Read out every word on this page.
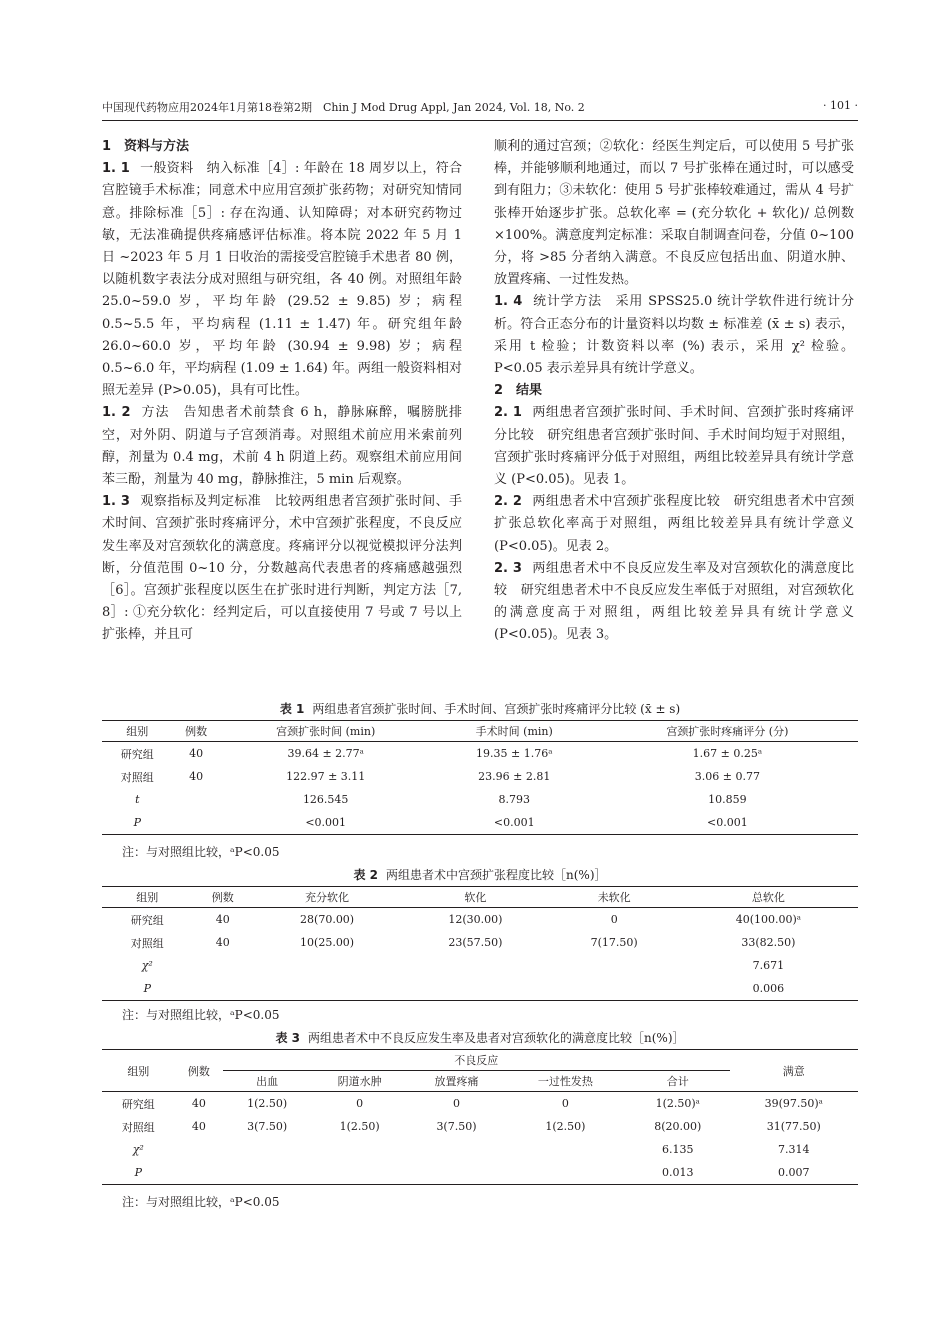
中国现代药物应用2024年1月第18卷第2期　Chin J Mod Drug Appl, Jan 2024, Vol. 18, No. 2	· 101 ·

1　资料与方法

1. 1 一般资料　纳入标准［4］: 年龄在 18 周岁以上，符合宫腔镜手术标准；同意术中应用宫颈扩张药物；对研究知情同意。排除标准［5］: 存在沟通、认知障碍；对本研究药物过敏，无法准确提供疼痛感评估标准。将本院 2022 年 5 月 1 日 ~2023 年 5 月 1 日收治的需接受宫腔镜手术患者 80 例，以随机数字表法分成对照组与研究组，各 40 例。对照组年龄 25.0~59.0 岁，平均年龄 (29.52 ± 9.85) 岁；病程 0.5~5.5 年，平均病程 (1.11 ± 1.47) 年。研究组年龄 26.0~60.0 岁，平均年龄 (30.94 ± 9.98) 岁；病程 0.5~6.0 年，平均病程 (1.09 ± 1.64) 年。两组一般资料相对照无差异 (P>0.05)，具有可比性。

1. 2 方法　告知患者术前禁食 6 h，静脉麻醉，嘱膀胱排空，对外阴、阴道与子宫颈消毒。对照组术前应用米索前列醇，剂量为 0.4 mg，术前 4 h 阴道上药。观察组术前应用间苯三酚，剂量为 40 mg，静脉推注，5 min 后观察。

1. 3 观察指标及判定标准　比较两组患者宫颈扩张时间、手术时间、宫颈扩张时疼痛评分，术中宫颈扩张程度，不良反应发生率及对宫颈软化的满意度。疼痛评分以视觉模拟评分法判断，分值范围 0~10 分，分数越高代表患者的疼痛感越强烈［6］。宫颈扩张程度以医生在扩张时进行判断，判定方法［7, 8］: ①充分软化：经判定后，可以直接使用 7 号或 7 号以上扩张棒，并且可

顺利的通过宫颈；②软化：经医生判定后，可以使用 5 号扩张棒，并能够顺利地通过，而以 7 号扩张棒在通过时，可以感受到有阻力；③未软化：使用 5 号扩张棒较难通过，需从 4 号扩张棒开始逐步扩张。总软化率 = (充分软化 + 软化)/ 总例数 ×100%。满意度判定标准：采取自制调查问卷，分值 0~100 分，将 >85 分者纳入满意。不良反应包括出血、阴道水肿、放置疼痛、一过性发热。

1. 4 统计学方法　采用 SPSS25.0 统计学软件进行统计分析。符合正态分布的计量资料以均数 ± 标准差 (x̄ ± s) 表示，采用 t 检验；计数资料以率 (%) 表示，采用 χ² 检验。P<0.05 表示差异具有统计学意义。

2　结果

2. 1 两组患者宫颈扩张时间、手术时间、宫颈扩张时疼痛评分比较　研究组患者宫颈扩张时间、手术时间均短于对照组，宫颈扩张时疼痛评分低于对照组，两组比较差异具有统计学意义 (P<0.05)。见表 1。

2. 2 两组患者术中宫颈扩张程度比较　研究组患者术中宫颈扩张总软化率高于对照组，两组比较差异具有统计学意义 (P<0.05)。见表 2。

2. 3 两组患者术中不良反应发生率及对宫颈软化的满意度比较　研究组患者术中不良反应发生率低于对照组，对宫颈软化的满意度高于对照组，两组比较差异具有统计学意义 (P<0.05)。见表 3。

表 1 两组患者宫颈扩张时间、手术时间、宫颈扩张时疼痛评分比较 (x̄ ± s)
组别	例数	宫颈扩张时间 (min)	手术时间 (min)	宫颈扩张时疼痛评分 (分)
研究组	40	39.64 ± 2.77ᵃ	19.35 ± 1.76ᵃ	1.67 ± 0.25ᵃ
对照组	40	122.97 ± 3.11	23.96 ± 2.81	3.06 ± 0.77
t		126.545	8.793	10.859
P		<0.001	<0.001	<0.001
注：与对照组比较，ᵃP<0.05
表 2 两组患者术中宫颈扩张程度比较［n(%)］
组别	例数	充分软化	软化	未软化	总软化
研究组	40	28(70.00)	12(30.00)	0	40(100.00)ᵃ
对照组	40	10(25.00)	23(57.50)	7(17.50)	33(82.50)
χ²					7.671
P					0.006
注：与对照组比较，ᵃP<0.05
表 3 两组患者术中不良反应发生率及患者对宫颈软化的满意度比较［n(%)］
组别	例数	不良反应					满意
		出血	阴道水肿	放置疼痛	一过性发热	合计	
研究组	40	1(2.50)	0	0	0	1(2.50)ᵃ	39(97.50)ᵃ
对照组	40	3(7.50)	1(2.50)	3(7.50)	1(2.50)	8(20.00)	31(77.50)
χ²						6.135	7.314
P						0.013	0.007
注：与对照组比较，ᵃP<0.05
